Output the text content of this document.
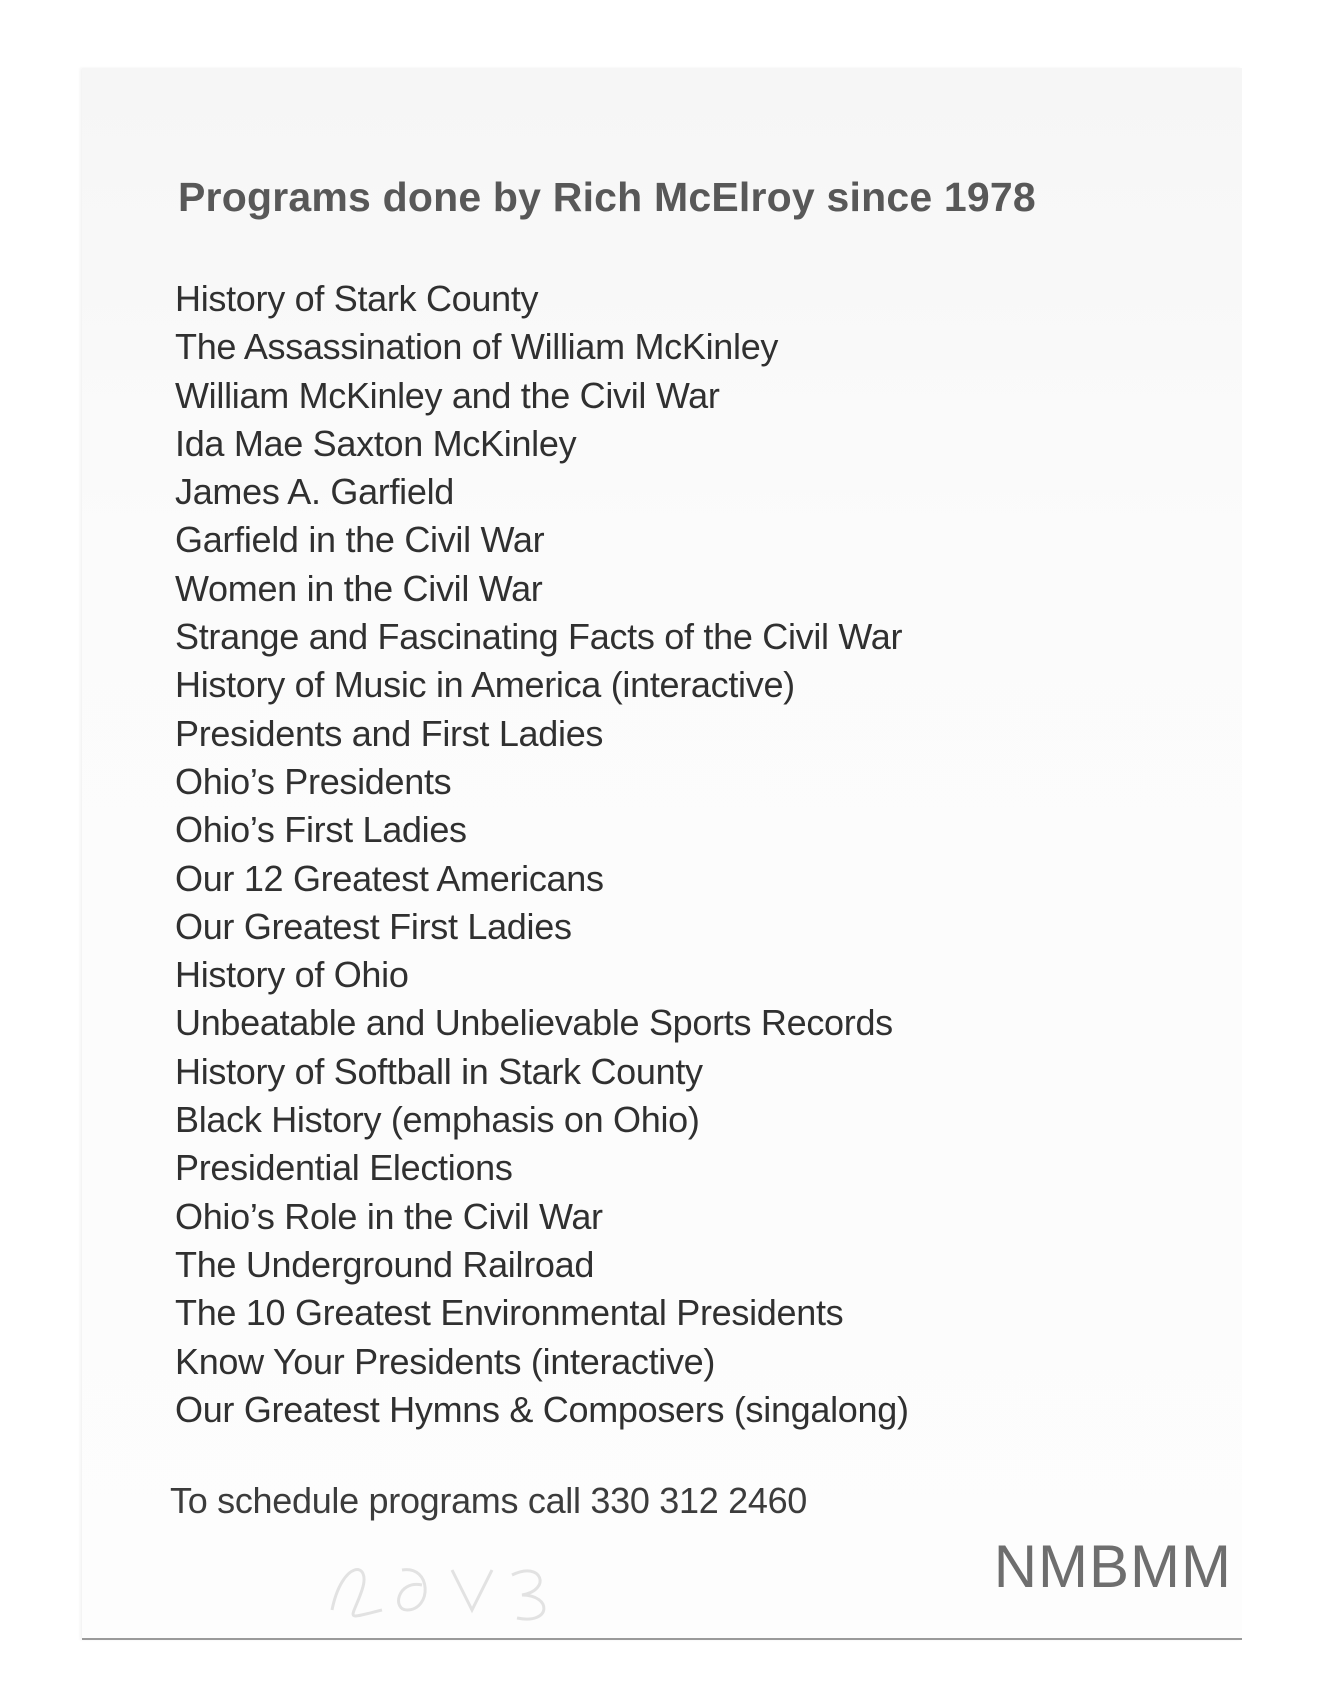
Programs done by Rich McElroy since 1978
History of Stark County
The Assassination of William McKinley
William McKinley and the Civil War
Ida Mae Saxton McKinley
James A. Garfield
Garfield in the Civil War
Women in the Civil War
Strange and Fascinating Facts of the Civil War
History of Music in America (interactive)
Presidents and First Ladies
Ohio’s Presidents
Ohio’s First Ladies
Our 12 Greatest Americans
Our Greatest First Ladies
History of Ohio
Unbeatable and Unbelievable Sports Records
History of Softball in Stark County
Black History (emphasis on Ohio)
Presidential Elections
Ohio’s Role in the Civil War
The Underground Railroad
The 10 Greatest Environmental Presidents
Know Your Presidents (interactive)
Our Greatest Hymns & Composers (singalong)

To schedule programs call 330 312 2460

NMBMM
